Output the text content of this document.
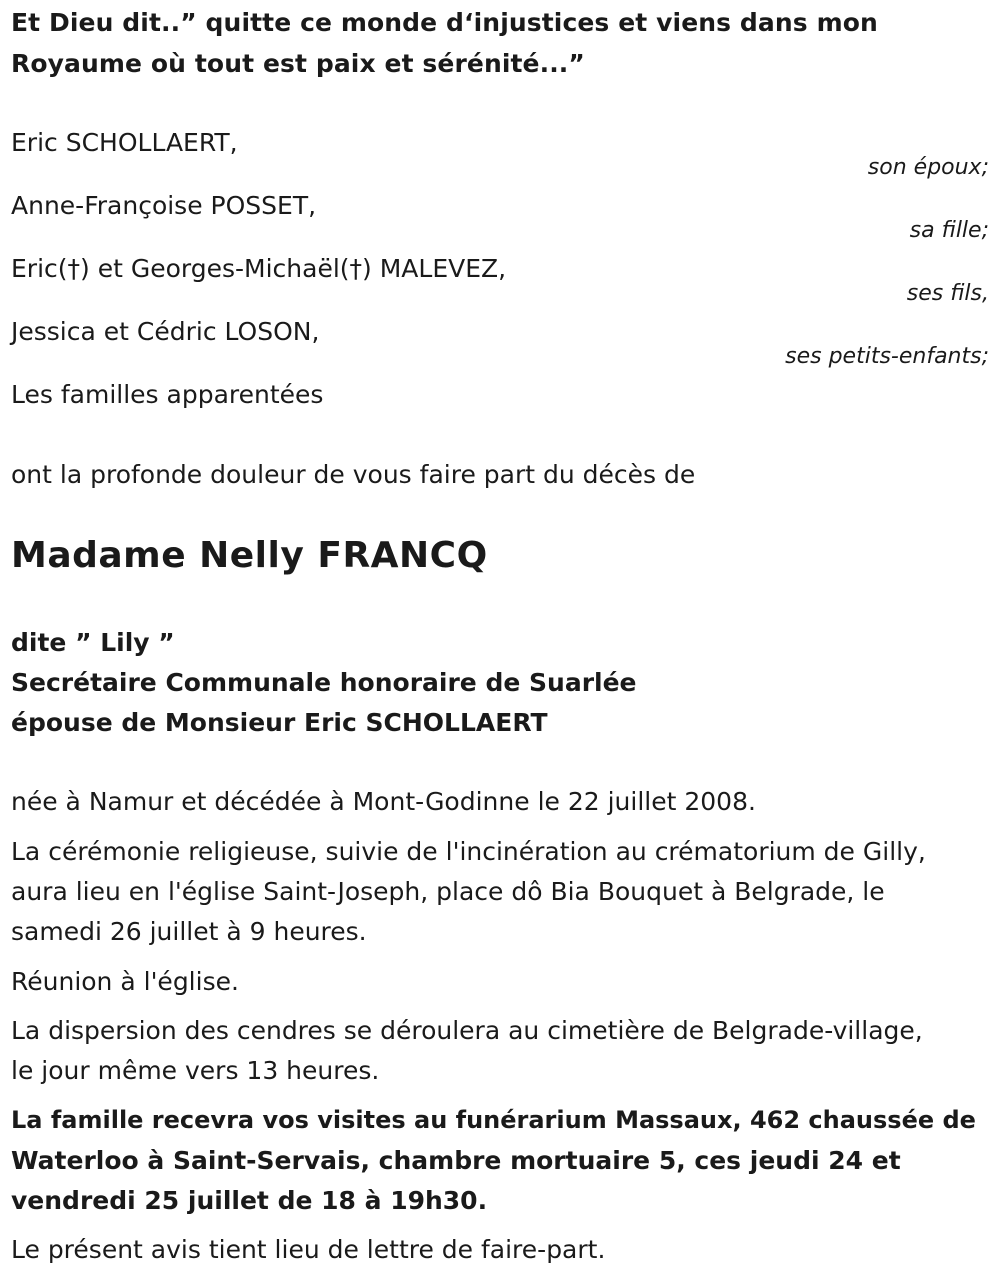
Et Dieu dit..” quitte ce monde d‘injustices et viens dans mon
Royaume où tout est paix et sérénité...”
Eric SCHOLLAERT,
son époux;
Anne-Françoise POSSET,
sa fille;
Eric(†) et Georges-Michaël(†) MALEVEZ,
ses fils,
Jessica et Cédric LOSON,
ses petits-enfants;
Les familles apparentées
ont la profonde douleur de vous faire part du décès de
Madame Nelly FRANCQ
dite ” Lily ”
Secrétaire Communale honoraire de Suarlée
épouse de Monsieur Eric SCHOLLAERT
née à Namur et décédée à Mont-Godinne le 22 juillet 2008.
La cérémonie religieuse, suivie de l'incinération au crématorium de Gilly,
aura lieu en l'église Saint-Joseph, place dô Bia Bouquet à Belgrade, le
samedi 26 juillet à 9 heures.
Réunion à l'église.
La dispersion des cendres se déroulera au cimetière de Belgrade-village,
le jour même vers 13 heures.
La famille recevra vos visites au funérarium Massaux, 462 chaussée de
Waterloo à Saint-Servais, chambre mortuaire 5, ces jeudi 24 et
vendredi 25 juillet de 18 à 19h30.
Le présent avis tient lieu de lettre de faire-part.
